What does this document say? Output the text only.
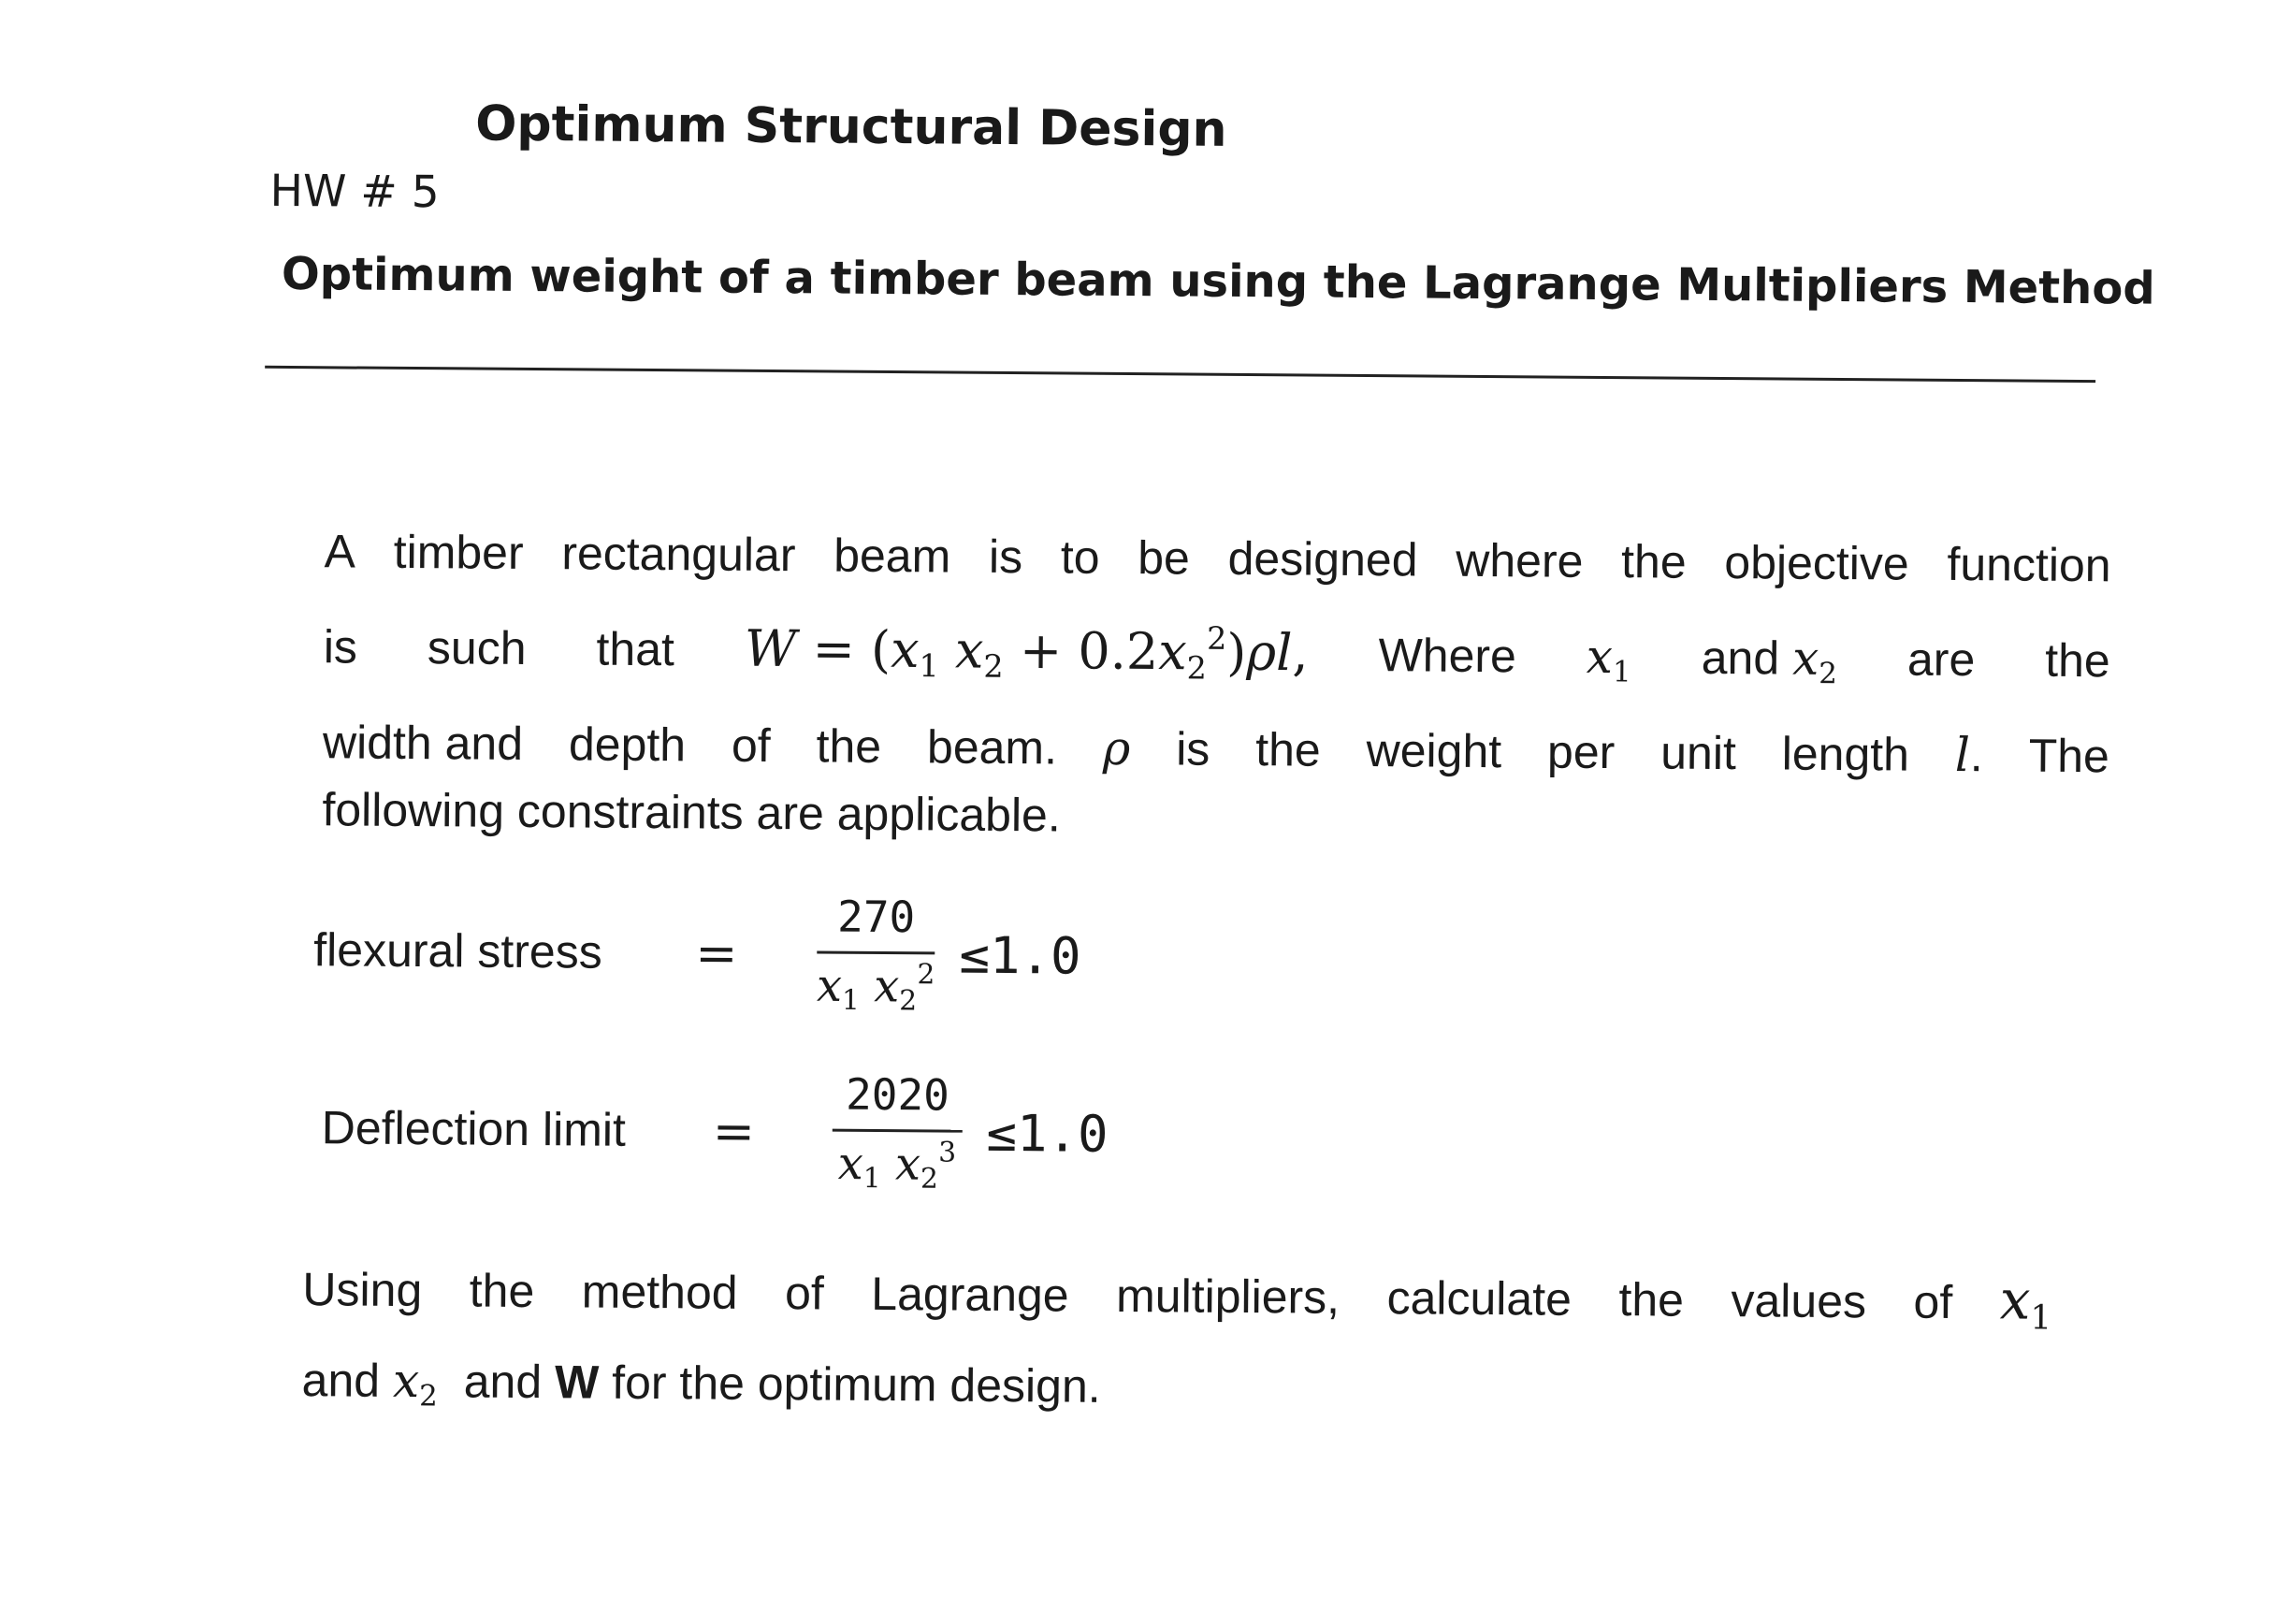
Optimum Structural Design
HW # 5
Optimum weight of a timber beam using the Lagrange Multipliers Method
A timber rectangular beam is to be designed where the objective function
is such that $W = (x_1$ $x_2 + 0.2x_2^2)\rho l$, Where $x_1$ and $x_2$ are the
width and depth of the beam. ρ is the weight per unit length l. The
following constraints are applicable.
flexural stress	=	$\frac{270}{x_1 x_2^2} \le 1.0$
Deflection limit	=
2020
$x_1$ $x_2^3 \le 1.0$
Using the method of Lagrange multipliers, calculate the values of $x_1$
and $x_2$ and W for the optimum design.
